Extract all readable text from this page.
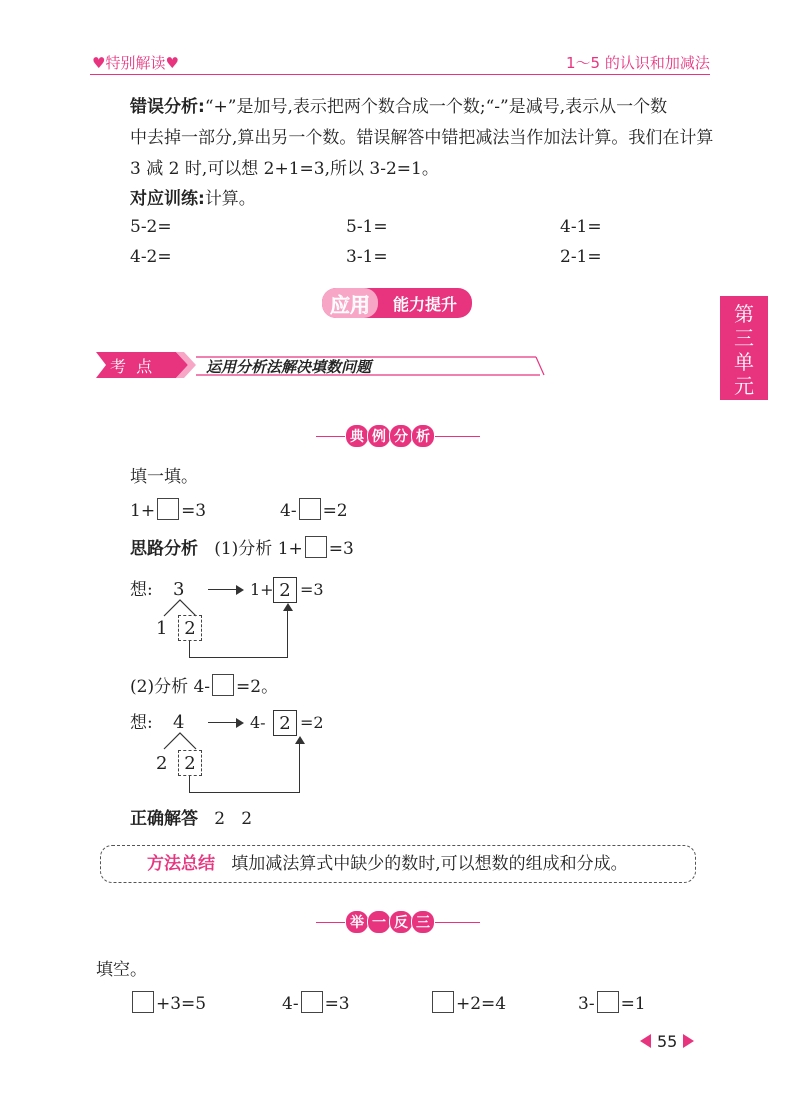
♥特别解读♥	1～5 的认识和加减法
第
三
单
元
错误分析:“+”是加号,表示把两个数合成一个数;“-”是减号,表示从一个数
中去掉一部分,算出另一个数。错误解答中错把减法当作加法计算。我们在计算
3 减 2 时,可以想 2+1=3,所以 3-2=1。
对应训练:计算。
5-2=	5-1=	4-1=
4-2=	3-1=	2-1=
应用	能力提升
考  点	运用分析法解决填数问题
典 例 分 析
填一填。
1+ =3	4- =2
思路分析 (1)分析 1+ =3
想: 3
1 2
1+ 2 =3
(2)分析 4- =2。
想: 4
2 2
4- 2 =2
正确解答 2   2
方法总结 填加减法算式中缺少的数时,可以想数的组成和分成。
举 一 反 三
填空。
+3=5	4- =3	+2=4	3- =1
55
